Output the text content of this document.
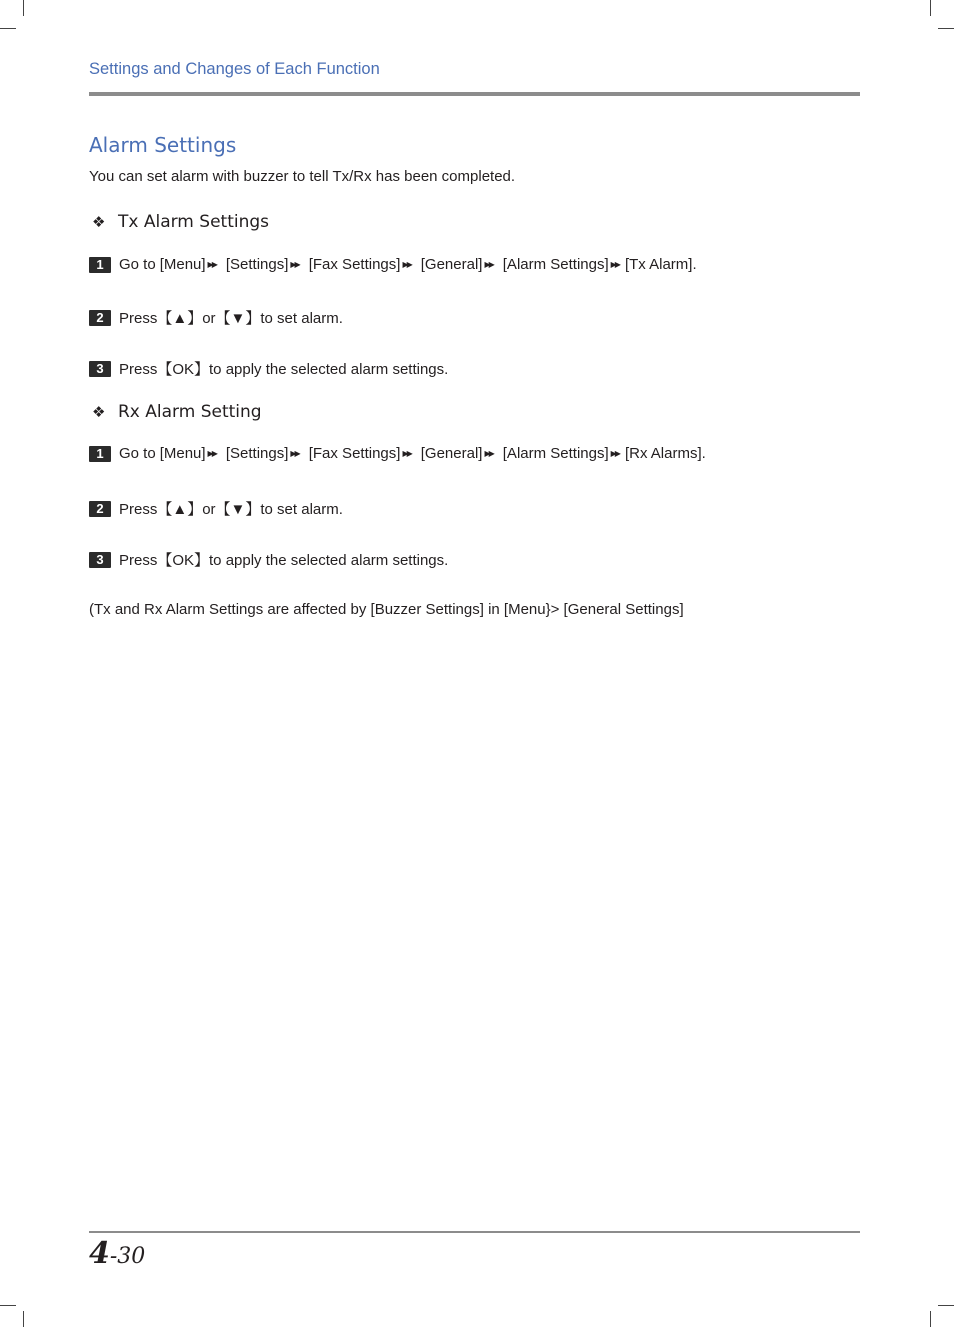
Settings and Changes of Each Function
Alarm Settings
You can set alarm with buzzer to tell Tx/Rx has been completed.
❖ Tx Alarm Settings
1	Go to [Menu] ▶▶ [Settings] ▶▶ [Fax Settings] ▶▶ [General] ▶▶ [Alarm Settings] ▶▶ [Tx Alarm].
2	Press【▲】or【▼】to set alarm.
3	Press【OK】to apply the selected alarm settings.
❖ Rx Alarm Setting
1	Go to [Menu] ▶▶ [Settings] ▶▶ [Fax Settings] ▶▶ [General] ▶▶ [Alarm Settings] ▶▶ [Rx Alarms].
2	Press【▲】or【▼】to set alarm.
3	Press【OK】to apply the selected alarm settings.
(Tx and Rx Alarm Settings are affected by [Buzzer Settings] in [Menu}> [General Settings]
4-30
